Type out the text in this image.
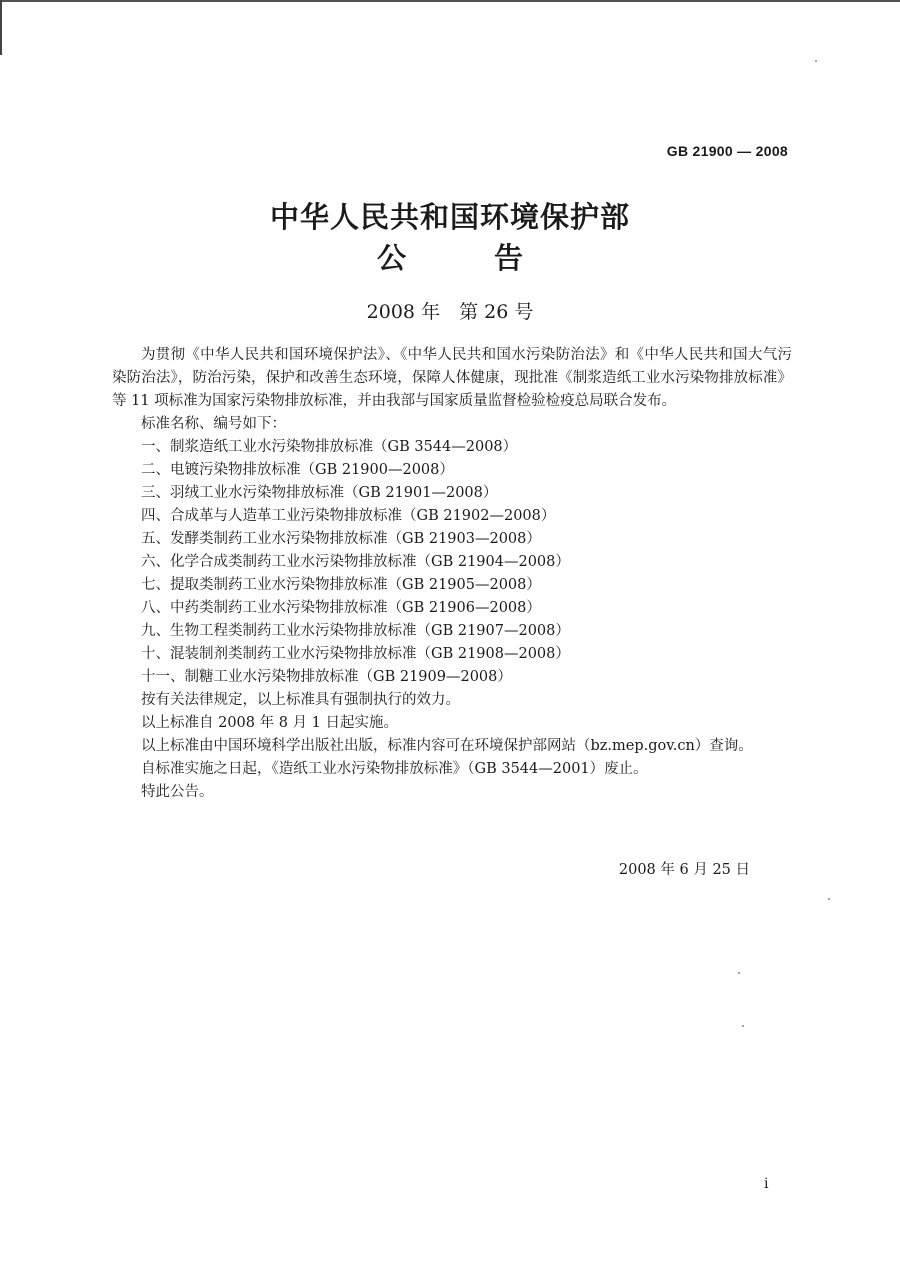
GB 21900 — 2008
中华人民共和国环境保护部
公告
2008 年　第 26 号

为贯彻《中华人民共和国环境保护法》、《中华人民共和国水污染防治法》和《中华人民共和国大气污染防治法》，防治污染，保护和改善生态环境，保障人体健康，现批准《制浆造纸工业水污染物排放标准》等 11 项标准为国家污染物排放标准，并由我部与国家质量监督检验检疫总局联合发布。

标准名称、编号如下：

一、制浆造纸工业水污染物排放标准（GB 3544—2008）
二、电镀污染物排放标准（GB 21900—2008）
三、羽绒工业水污染物排放标准（GB 21901—2008）
四、合成革与人造革工业污染物排放标准（GB 21902—2008）
五、发酵类制药工业水污染物排放标准（GB 21903—2008）
六、化学合成类制药工业水污染物排放标准（GB 21904—2008）
七、提取类制药工业水污染物排放标准（GB 21905—2008）
八、中药类制药工业水污染物排放标准（GB 21906—2008）
九、生物工程类制药工业水污染物排放标准（GB 21907—2008）
十、混装制剂类制药工业水污染物排放标准（GB 21908—2008）
十一、制糖工业水污染物排放标准（GB 21909—2008）

按有关法律规定，以上标准具有强制执行的效力。

以上标准自 2008 年 8 月 1 日起实施。

以上标准由中国环境科学出版社出版，标准内容可在环境保护部网站（bz.mep.gov.cn）查询。

自标准实施之日起，《造纸工业水污染物排放标准》（GB 3544—2001）废止。

特此公告。

2008 年 6 月 25 日
i
